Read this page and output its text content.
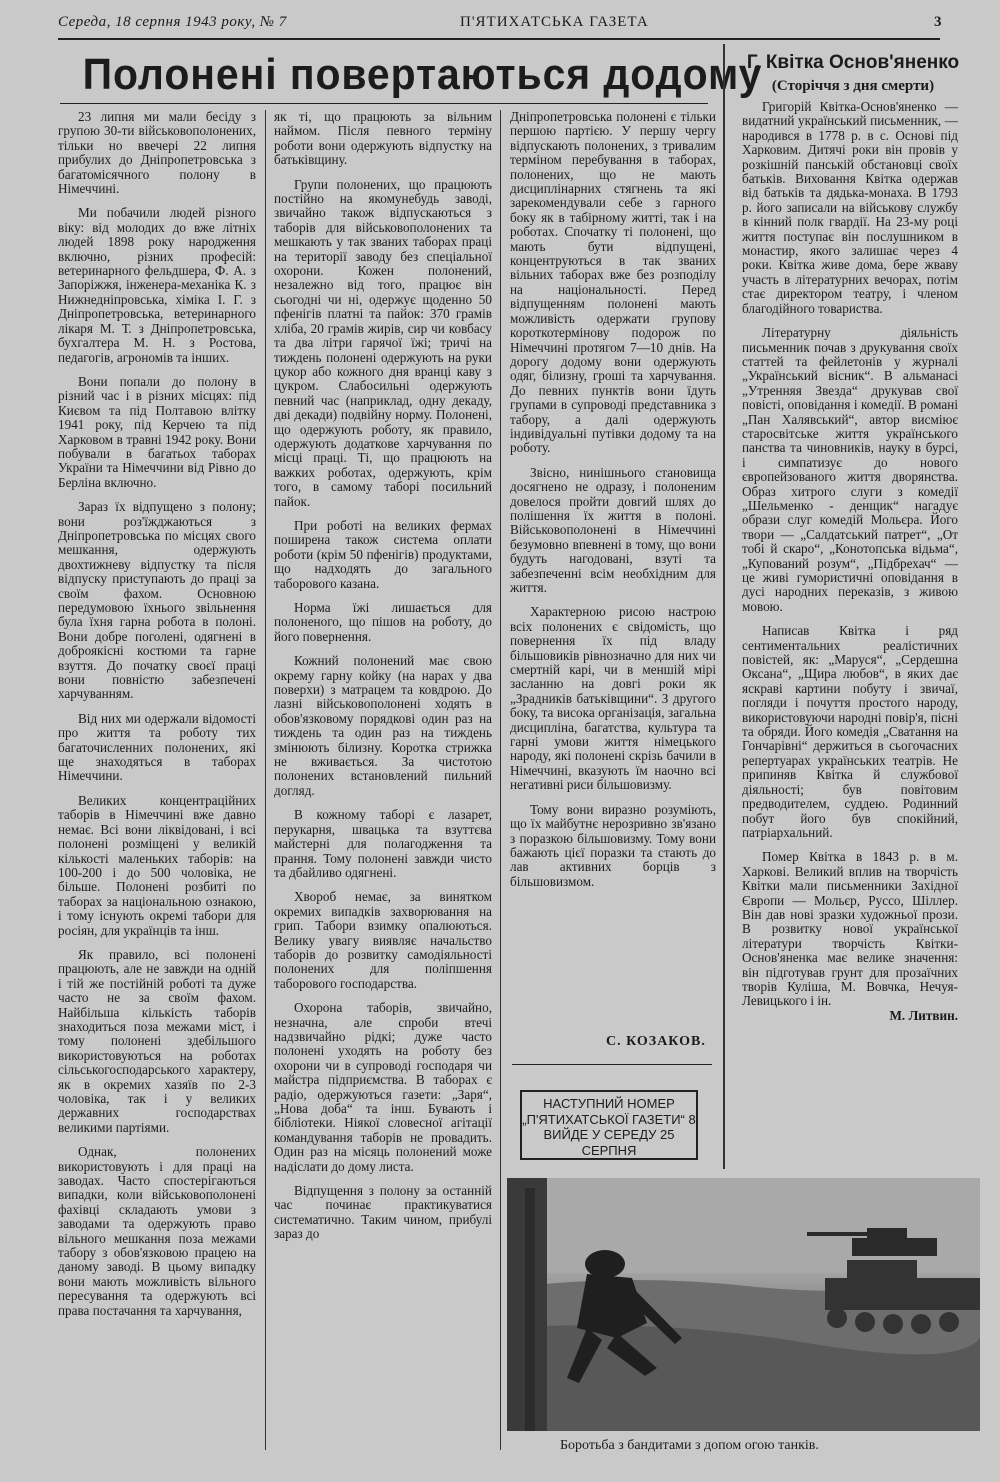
Середа, 18 серпня 1943 року, № 7	П'ЯТИХАТСЬКА ГАЗЕТА	3
Полонені повертаються додому

23 липня ми мали бесіду з групою 30-ти військовополонених, тільки но ввечері 22 липня прибулих до Дніпропетровська з багатомісячного полону в Німеччині.

Ми побачили людей різного віку: від молодих до вже літніх людей 1898 року народження включно, різних професій: ветеринарного фельдшера, Ф. А. з Запоріжжя, інженера-механіка К. з Нижнедніпровська, хіміка І. Г. з Дніпропетровська, ветеринарного лікаря М. Т. з Дніпропетровська, бухгалтера М. Н. з Ростова, педагогів, агрономів та інших.

Вони попали до полону в різний час і в різних місцях: під Києвом та під Полтавою влітку 1941 року, під Керчею та під Харковом в травні 1942 року. Вони побували в багатьох таборах України та Німеччини від Рівно до Берліна включно.

Зараз їх відпущено з полону; вони роз'їжджаються з Дніпропетровська по місцях свого мешкання, одержують двохтижневу відпустку та після відпуску приступають до праці за своїм фахом. Основною передумовою їхнього звільнення була їхня гарна робота в полоні. Вони добре поголені, одягнені в доброякісні костюми та гарне взуття. До початку своєї праці вони повністю забезпечені харчуванням.

Від них ми одержали відомості про життя та роботу тих багаточисленних полонених, які ще знаходяться в таборах Німеччини.

Великих концентраційних таборів в Німеччині вже давно немає. Всі вони ліквідовані, і всі полонені розміщені у великій кількості маленьких таборів: на 100-200 і до 500 чоловіка, не більше. Полонені розбиті по таборах за національною ознакою, і тому існують окремі табори для росіян, для українців та інш.

Як правило, всі полонені працюють, але не завжди на одній і тій же постійній роботі та дуже часто не за своїм фахом. Найбільша кількість таборів знаходиться поза межами міст, і тому полонені здебільшого використовуються на роботах сільськогосподарського характеру, як в окремих хазяїв по 2-3 чоловіка, так і у великих державних господарствах великими партіями.

Однак, полонених використовують і для праці на заводах. Часто спостерігаються випадки, коли військовополонені фахівці складають умови з заводами та одержують право вільного мешкання поза межами табору з обов'язковою працею на даному заводі. В цьому випадку вони мають можливість вільного пересування та одержують всі права постачання та харчування,

як ті, що працюють за вільним наймом. Після певного терміну роботи вони одержують відпустку на батьківщину.

Групи полонених, що працюють постійно на якомунебудь заводі, звичайно також відпускаються з таборів для військовополонених та мешкають у так званих таборах праці на території заводу без спеціальної охорони. Кожен полонений, незалежно від того, працює він сьогодні чи ні, одержує щоденно 50 пфенігів платні та пайок: 370 грамів хліба, 20 грамів жирів, сир чи ковбасу та два літри гарячої їжі; тричі на тиждень полонені одержують на руки цукор або кожного дня вранці каву з цукром. Слабосильні одержують певний час (наприклад, одну декаду, дві декади) подвійну норму. Полонені, що одержують роботу, як правило, одержують додаткове харчування по місці праці. Ті, що працюють на важких роботах, одержують, крім того, в самому таборі посильний пайок.

При роботі на великих фермах поширена також система оплати роботи (крім 50 пфенігів) продуктами, що надходять до загального таборового казана.

Норма їжі лишається для полоненого, що пішов на роботу, до його повернення.

Кожний полонений має свою окрему гарну койку (на нарах у два поверхи) з матрацем та ковдрою. До лазні військовополонені ходять в обов'язковому порядкові один раз на тиждень та один раз на тиждень змінюють білизну. Коротка стрижка не вживається. За чистотою полонених встановлений пильний догляд.

В кожному таборі є лазарет, перукарня, швацька та взуттєва майстерні для полагодження та прання. Тому полонені завжди чисто та дбайливо одягнені.

Хвороб немає, за винятком окремих випадків захворювання на грип. Табори взимку опалюються. Велику увагу виявляє начальство таборів до розвитку самодіяльності полонених для поліпшення таборового господарства.

Охорона таборів, звичайно, незначна, але спроби втечі надзвичайно рідкі; дуже часто полонені уходять на роботу без охорони чи в супроводі господаря чи майстра підприємства. В таборах є радіо, одержуються газети: „Заря“, „Нова доба“ та інш. Бувають і бібліотеки. Ніякої словесної агітації командування таборів не провадить. Один раз на місяць полонений може надіслати до дому листа.

Відпущення з полону за останній час починає практикуватися систематично. Таким чином, прибулі зараз до

Дніпропетровська полонені є тільки першою партією. У першу чергу відпускають полонених, з тривалим терміном перебування в таборах, полонених, що не мають дисциплінарних стягнень та які зарекомендували себе з гарного боку як в табірному житті, так і на роботах. Спочатку ті полонені, що мають бути відпущені, концентруються в так званих вільних таборах вже без розподілу на національності. Перед відпущенням полонені мають можливість одержати групову короткотермінову подорож по Німеччині протягом 7—10 днів. На дорогу додому вони одержують одяг, білизну, гроші та харчування. До певних пунктів вони їдуть групами в супроводі представника з табору, а далі одержують індивідуальні путівки додому та на роботу.

Звісно, нинішнього становища досягнено не одразу, і полоненим довелося пройти довгий шлях до полішення їх життя в полоні. Військовополонені в Німеччині безумовно впевнені в тому, що вони будуть нагодовані, взуті та забезпеченні всім необхідним для життя.

Характерною рисою настрою всіх полонених є свідомість, що повернення їх під владу більшовиків рівнозначно для них чи смертній карі, чи в меншій мірі засланню на довгі роки як „Зрадників батьківщини“. З другого боку, та висока організація, загальна дисципліна, багатства, культура та гарні умови життя німецького народу, які полонені скрізь бачили в Німеччині, вказують їм наочно всі негативні риси більшовизму.

Тому вони виразно розуміють, що їх майбутнє нерозривно зв'язано з поразкою більшовизму. Тому вони бажають цієї поразки та стають до лав активних борців з більшовизмом.

С. КОЗАКОВ.
НАСТУПНИЙ НОМЕР „П'ЯТИХАТСЬКОЇ ГАЗЕТИ“ 8 ВИЙДЕ У СЕРЕДУ 25 СЕРПНЯ
Г. Квітка Основ'яненко
(Сторіччя з дня смерти)

Григорій Квітка-Основ'яненко — видатний український письменник, — народився в 1778 р. в с. Основі під Харковим. Дитячі роки він провів у розкішній панській обстановці своїх батьків. Виховання Квітка одержав від батьків та дядька-монаха. В 1793 р. його записали на військову службу в кінний полк гвардії. На 23-му році життя поступає він послушником в монастир, якого залишає через 4 роки. Квітка живе дома, бере жваву участь в літературних вечорах, потім стає директором театру, і членом благодійного товариства.

Літературну діяльність письменник почав з друкування своїх статтей та фейлетонів у журналі „Український вісник“. В альманасі „Утренняя Звезда“ друкував свої повісті, оповідання і комедії. В романі „Пан Халявський“, автор висміює старосвітське життя українського панства та чиновників, науку в бурсі, і симпатизує до нового європейзованого життя дворянства. Образ хитрого слуги з комедії „Шельменко - денщик“ нагадує образи слуг комедій Мольєра. Його твори — „Салдатський патрет“, „От тобі й скаро“, „Конотопська відьма“, „Купований розум“, „Підбрехач“ — це живі гумористичні оповідання в дусі народних переказів, з живою мовою.

Написав Квітка і ряд сентиментальних реалістичних повістей, як: „Маруся“, „Сердешна Оксана“, „Щира любов“, в яких дає яскраві картини побуту і звичаї, погляди і почуття простого народу, використовуючи народні повір'я, пісні та обряди. Його комедія „Сватання на Гончарівні“ держиться в сьогочасних репертуарах українських театрів. Не припиняв Квітка й службової діяльності; був повітовим предводителем, суддею. Родинний побут його був спокійний, патріархальний.

Помер Квітка в 1843 р. в м. Харкові. Великий вплив на творчість Квітки мали письменники Західної Європи — Мольєр, Руссо, Шіллер. Він дав нові зразки художньої прози. В розвитку нової української літератури творчість Квітки-Основ'яненка має велике значення: він підготував грунт для прозаїчних творів Куліша, М. Вовчка, Нечуя-Левицького і ін.

М. Литвин.
Боротьба з бандитами з допом огою танків.
